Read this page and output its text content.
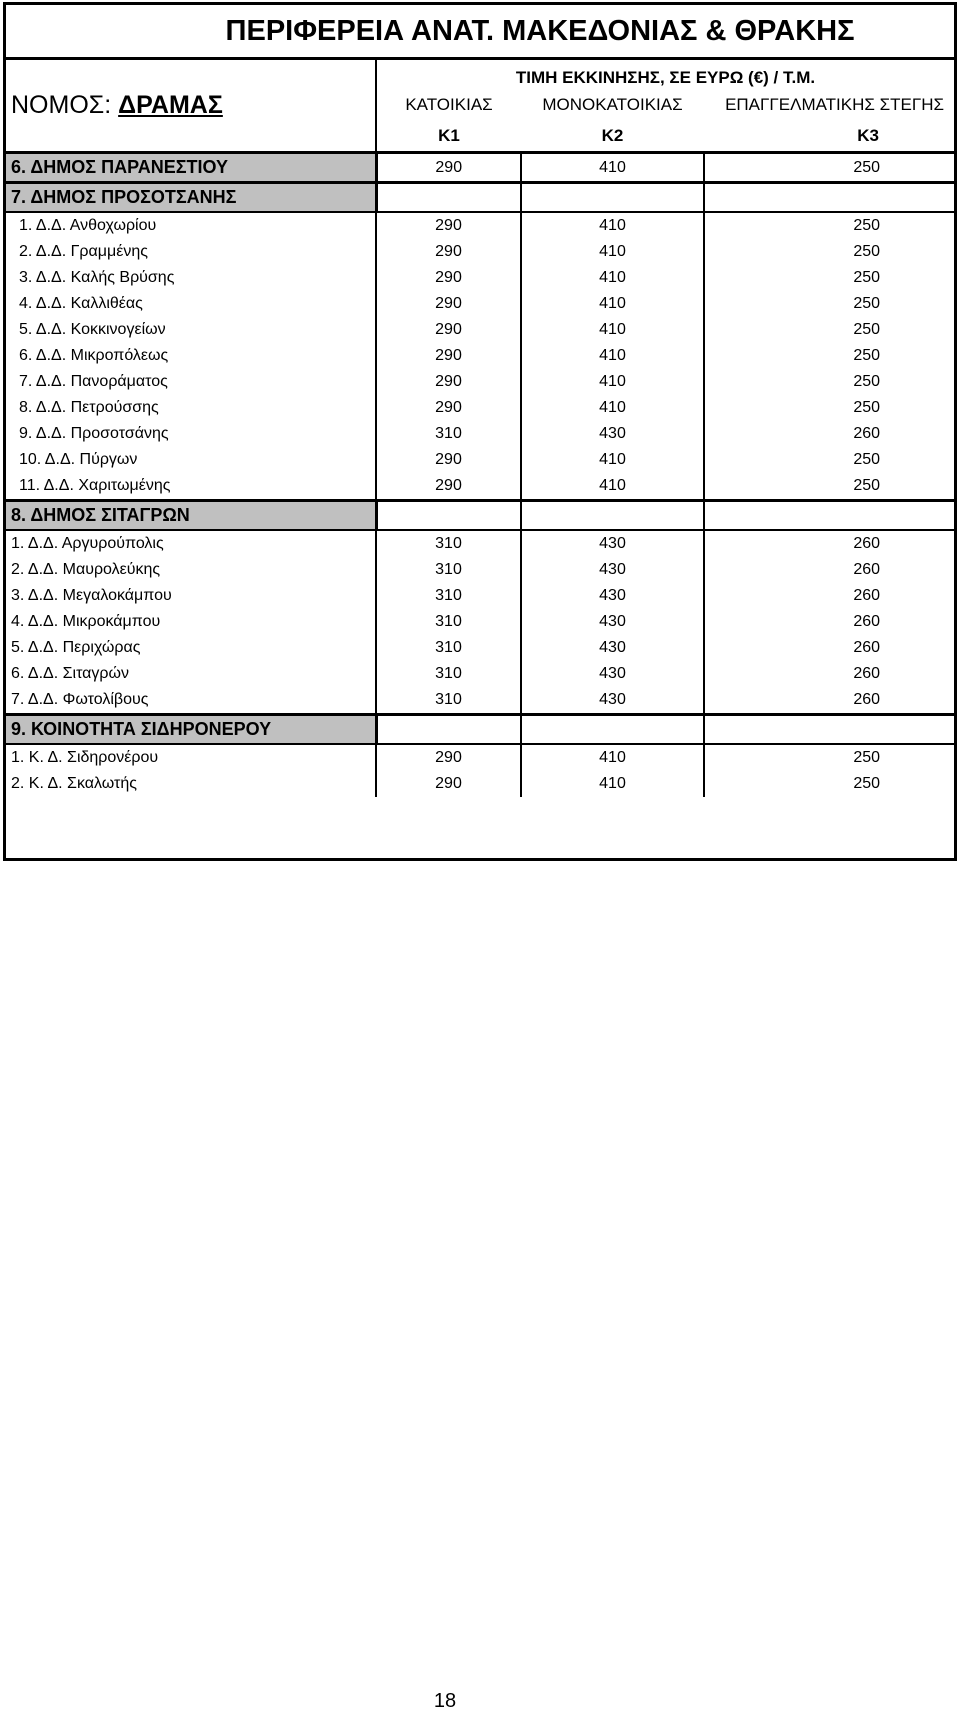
ΠΕΡΙΦΕΡΕΙΑ ΑΝΑΤ. ΜΑΚΕΔΟΝΙΑΣ & ΘΡΑΚΗΣ			
ΝΟΜΟΣ: ΔΡΑΜΑΣ	ΤΙΜΗ ΕΚΚΙΝΗΣΗΣ, ΣΕ ΕΥΡΩ (€) / Τ.Μ.		
	ΚΑΤΟΙΚΙΑΣ	ΜΟΝΟΚΑΤΟΙΚΙΑΣ	ΕΠΑΓΓΕΛΜΑΤΙΚΗΣ ΣΤΕΓΗΣ
	Κ1	Κ2	Κ3
6. ΔΗΜΟΣ ΠΑΡΑΝΕΣΤΙΟΥ	290	410	250
7. ΔΗΜΟΣ ΠΡΟΣΟΤΣΑΝΗΣ			
1. Δ.Δ. Ανθοχωρίου	290	410	250
2. Δ.Δ. Γραμμένης	290	410	250
3. Δ.Δ. Καλής Βρύσης	290	410	250
4. Δ.Δ. Καλλιθέας	290	410	250
5. Δ.Δ. Κοκκινογείων	290	410	250
6. Δ.Δ. Μικροπόλεως	290	410	250
7. Δ.Δ. Πανοράματος	290	410	250
8. Δ.Δ. Πετρούσσης	290	410	250
9. Δ.Δ. Προσοτσάνης	310	430	260
10. Δ.Δ. Πύργων	290	410	250
11. Δ.Δ. Χαριτωμένης	290	410	250
8. ΔΗΜΟΣ ΣΙΤΑΓΡΩΝ			
1. Δ.Δ. Αργυρούπολις	310	430	260
2. Δ.Δ. Μαυρολεύκης	310	430	260
3. Δ.Δ. Μεγαλοκάμπου	310	430	260
4. Δ.Δ. Μικροκάμπου	310	430	260
5. Δ.Δ. Περιχώρας	310	430	260
6. Δ.Δ. Σιταγρών	310	430	260
7. Δ.Δ. Φωτολίβους	310	430	260
9. ΚΟΙΝΟΤΗΤΑ ΣΙΔΗΡΟΝΕΡΟΥ			
1. Κ. Δ. Σιδηρονέρου	290	410	250
2. Κ. Δ. Σκαλωτής	290	410	250
18
